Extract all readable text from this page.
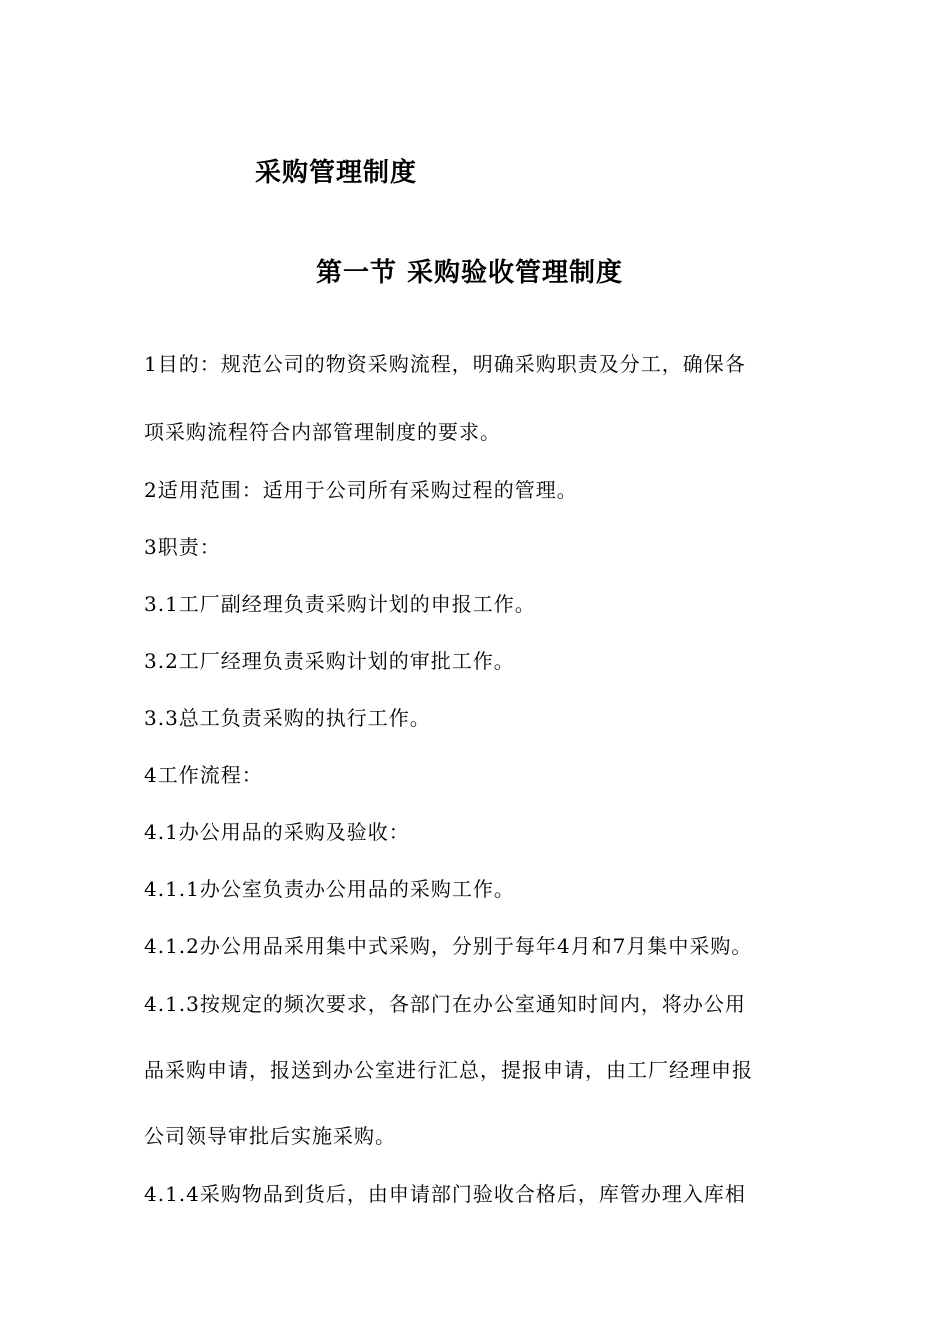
采购管理制度
第一节 采购验收管理制度
1目的：规范公司的物资采购流程，明确采购职责及分工，确保各
项采购流程符合内部管理制度的要求。
2适用范围：适用于公司所有采购过程的管理。
3职责：
3.1工厂副经理负责采购计划的申报工作。
3.2工厂经理负责采购计划的审批工作。
3.3总工负责采购的执行工作。
4工作流程：
4.1办公用品的采购及验收：
4.1.1办公室负责办公用品的采购工作。
4.1.2办公用品采用集中式采购，分别于每年4月和7月集中采购。
4.1.3按规定的频次要求，各部门在办公室通知时间内，将办公用
品采购申请，报送到办公室进行汇总，提报申请，由工厂经理申报
公司领导审批后实施采购。
4.1.4采购物品到货后，由申请部门验收合格后，库管办理入库相
